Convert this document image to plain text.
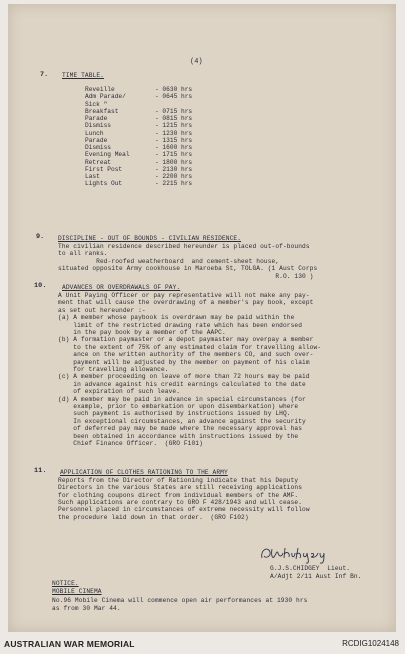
(4)
7. TIME TABLE.
Reveille	- 0630 hrs
Adm Parade/	- 0645 hrs
Sick "
Breakfast	- 0715 hrs
Parade	- 0815 hrs
Dismiss	- 1215 hrs
Lunch	- 1230 hrs
Parade	- 1315 hrs
Dismiss	- 1600 hrs
Evening Meal	- 1715 hrs
Retreat	- 1800 hrs
First Post	- 2130 hrs
Last	- 2200 hrs
Lights Out	- 2215 hrs
9. DISCIPLINE - OUT OF BOUNDS - CIVILIAN RESIDENCE.
The civilian residence described hereunder is placed out-of-bounds
to all ranks.
Red-roofed weatherboard  and cement-sheet house,
situated opposite Army cookhouse in Maroeba St, TOLGA. (1 Aust Corps
R.O. 130 )
10. ADVANCES OR OVERDRAWALS OF PAY.
A Unit Paying Officer or pay representative will not make any pay-
ment that will cause the overdrawing of a member's pay book, except
as set out hereunder :-
(a) A member whose paybook is overdrawn may be paid within the
limit of the restricted drawing rate which has been endorsed
in the pay book by a member of the AAPC.
(b) A formation paymaster or a depot paymaster may overpay a member
to the extent of 75% of any estimated claim for travelling allow-
ance on the written authority of the members CO, and such over-
payment will be adjusted by the member on payment of his claim
for travelling allowance.
(c) A member proceeding on leave of more than 72 hours may be paid
in advance against his credit earnings calculated to the date
of expiration of such leave.
(d) A member may be paid in advance in special circumstances (for
example, prior to embarkation or upon disembarkation) where
such payment is authorised by instructions issued by LHQ.
In exceptional circumstances, an advance against the security
of deferred pay may be made where the necessary approval has
been obtained in accordance with instructions issued by the
Chief Finance Officer.  (GRO F101)
11. APPLICATION OF CLOTHES RATIONING TO THE ARMY
Reports from the Director of Rationing indicate that his Deputy
Directors in the various States are still receiving applications
for clothing coupons direct from individual members of the AMF.
Such applications are contrary to GRO F 428/1943 and will cease.
Personnel placed in circumstances of extreme necessity will follow
the procedure laid down in that order.  (GRO F102)
G.J.S.CHIDGEY  Lieut.
A/Adjt 2/11 Aust Inf Bn.
NOTICE.
MOBILE CINEMA
No.96 Mobile Cinema will commence open air performances at 1930 hrs
as from 30 Mar 44.
AUSTRALIAN WAR MEMORIAL	RCDIG1024148
